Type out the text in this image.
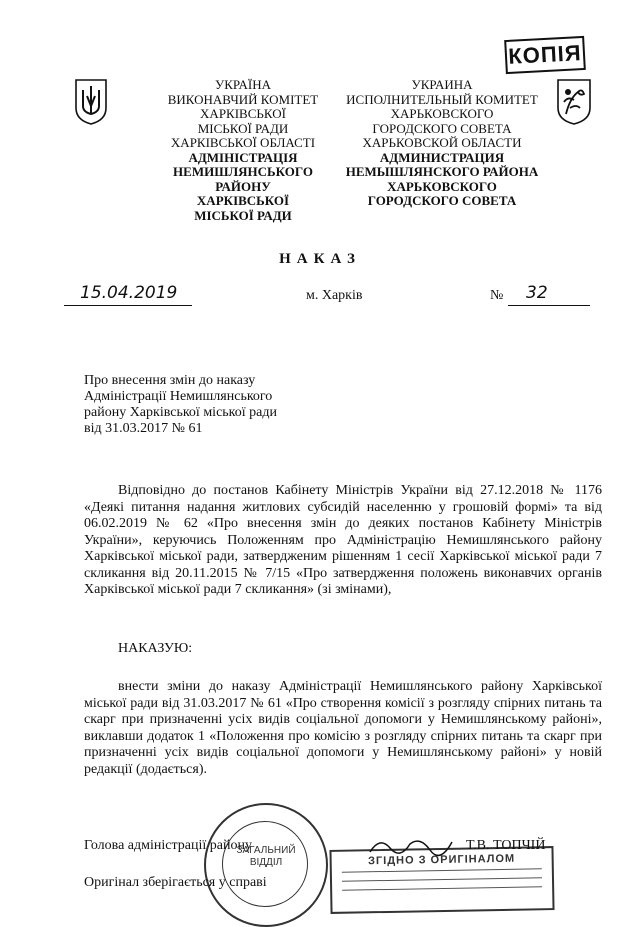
КОПІЯ
УКРАЇНА
ВИКОНАВЧИЙ КОМІТЕТ
ХАРКІВСЬКОЇ
МІСЬКОЇ РАДИ
ХАРКІВСЬКОЇ ОБЛАСТІ
АДМІНІСТРАЦІЯ
НЕМИШЛЯНСЬКОГО РАЙОНУ
ХАРКІВСЬКОЇ
МІСЬКОЇ РАДИ
УКРАИНА
ИСПОЛНИТЕЛЬНЫЙ КОМИТЕТ
ХАРЬКОВСКОГО
ГОРОДСКОГО СОВЕТА
ХАРЬКОВСКОЙ ОБЛАСТИ
АДМИНИСТРАЦИЯ
НЕМЫШЛЯНСКОГО РАЙОНА
ХАРЬКОВСКОГО
ГОРОДСКОГО СОВЕТА
НАКАЗ
15.04.2019	м. Харків	№ 32
Про внесення змін до наказу
Адміністрації Немишлянського
району Харківської міської ради
від 31.03.2017 № 61
Відповідно до постанов Кабінету Міністрів України від 27.12.2018 № 1176 «Деякі питання надання житлових субсидій населенню у грошовій формі» та від 06.02.2019 № 62 «Про внесення змін до деяких постанов Кабінету Міністрів України», керуючись Положенням про Адміністрацію Немишлянського району Харківської міської ради, затвердженим рішенням 1 сесії Харківської міської ради 7 скликання від 20.11.2015 № 7/15 «Про затвердження положень виконавчих органів Харківської міської ради 7 скликання» (зі змінами),
НАКАЗУЮ:
внести зміни до наказу Адміністрації Немишлянського району Харківської міської ради від 31.03.2017 № 61 «Про створення комісії з розгляду спірних питань та скарг при призначенні усіх видів соціальної допомоги у Немишлянському районі», виклавши додаток 1 «Положення про комісію з розгляду спірних питань та скарг при призначенні усіх видів соціальної допомоги у Немишлянському районі» у новій редакції (додається).
ЗАГАЛЬНИЙ ВІДДІЛ	ЗГІДНО З ОРИГІНАЛОМ
Голова адміністрації району	Т.В. ТОПЧІЙ
Оригінал зберігається у справі
